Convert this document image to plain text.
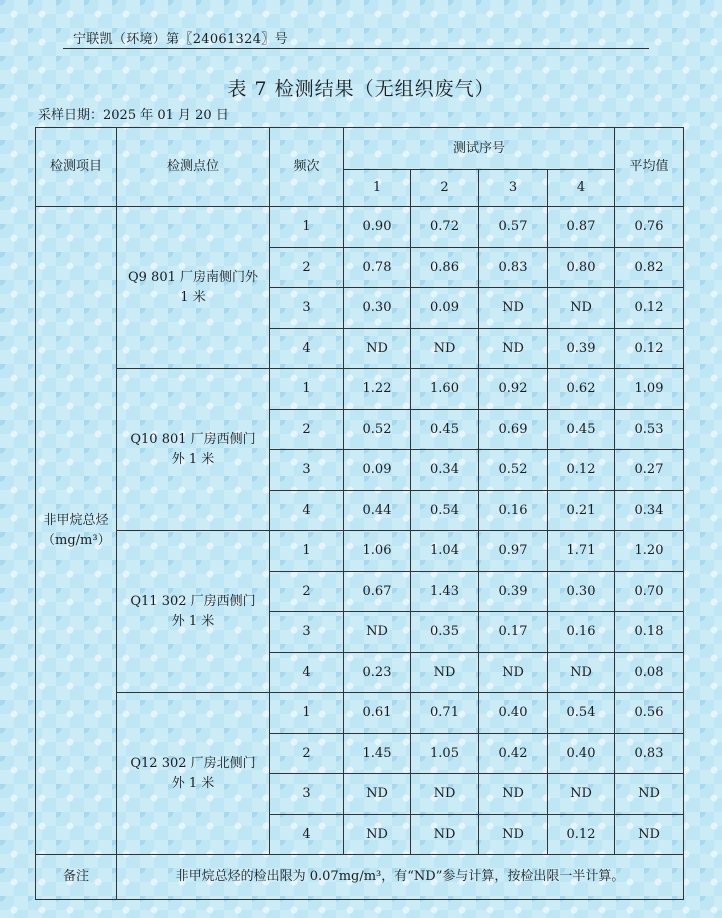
宁联凯（环境）第〖24061324〗号
表 7 检测结果（无组织废气）
采样日期：2025 年 01 月 20 日
检测项目	检测点位	频次	测试序号				平均值
			1	2	3	4	
非甲烷总烃（mg/m³）	Q9 801 厂房南侧门外 1 米	1	0.90	0.72	0.57	0.87	0.76
		2	0.78	0.86	0.83	0.80	0.82
		3	0.30	0.09	ND	ND	0.12
		4	ND	ND	ND	0.39	0.12
	Q10 801 厂房西侧门外 1 米	1	1.22	1.60	0.92	0.62	1.09
		2	0.52	0.45	0.69	0.45	0.53
		3	0.09	0.34	0.52	0.12	0.27
		4	0.44	0.54	0.16	0.21	0.34
	Q11 302 厂房西侧门外 1 米	1	1.06	1.04	0.97	1.71	1.20
		2	0.67	1.43	0.39	0.30	0.70
		3	ND	0.35	0.17	0.16	0.18
		4	0.23	ND	ND	ND	0.08
	Q12 302 厂房北侧门外 1 米	1	0.61	0.71	0.40	0.54	0.56
		2	1.45	1.05	0.42	0.40	0.83
		3	ND	ND	ND	ND	ND
		4	ND	ND	ND	0.12	ND
备注	非甲烷总烃的检出限为 0.07mg/m³，有“ND”参与计算，按检出限一半计算。						
